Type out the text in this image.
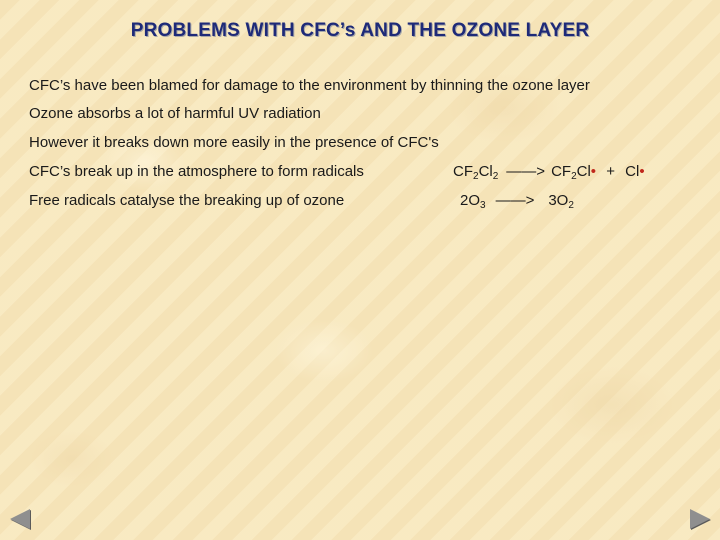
PROBLEMS WITH CFC’s AND THE OZONE LAYER
CFC’s have been blamed for damage to the environment by thinning the ozone layer
Ozone absorbs a lot of harmful UV radiation
However it breaks down more easily in the presence of CFC's
CFC’s break up in the atmosphere to form radicals
Free radicals catalyse the breaking up of ozone
$CF_2Cl_2$ ——> $CF_2Cl•$ + Cl•
$2O_3$ ——> $3O_2$
